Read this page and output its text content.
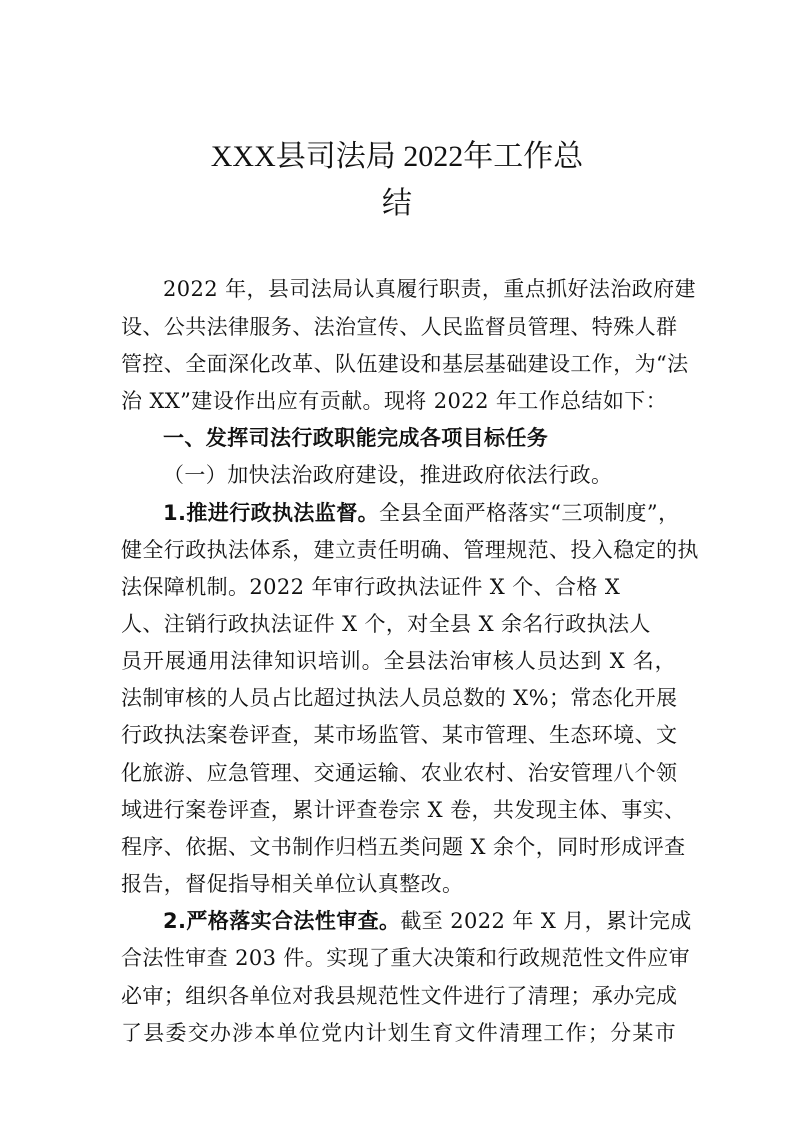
XXX县司法局 2022年工作总
结
2022 年，县司法局认真履行职责，重点抓好法治政府建
设、公共法律服务、法治宣传、人民监督员管理、特殊人群
管控、全面深化改革、队伍建设和基层基础建设工作，为“法
治 XX”建设作出应有贡献。现将 2022 年工作总结如下：
一、发挥司法行政职能完成各项目标任务
（一）加快法治政府建设，推进政府依法行政。
1.推进行政执法监督。全县全面严格落实“三项制度”，
健全行政执法体系，建立责任明确、管理规范、投入稳定的执
法保障机制。2022 年审行政执法证件 X 个、合格 X
人、注销行政执法证件 X 个，对全县 X 余名行政执法人
员开展通用法律知识培训。全县法治审核人员达到 X 名，
法制审核的人员占比超过执法人员总数的 X%；常态化开展
行政执法案卷评查，某市场监管、某市管理、生态环境、文
化旅游、应急管理、交通运输、农业农村、治安管理八个领
域进行案卷评查，累计评查卷宗 X 卷，共发现主体、事实、
程序、依据、文书制作归档五类问题 X 余个，同时形成评查
报告，督促指导相关单位认真整改。
2.严格落实合法性审查。截至 2022 年 X 月，累计完成
合法性审查 203 件。实现了重大决策和行政规范性文件应审
必审；组织各单位对我县规范性文件进行了清理；承办完成
了县委交办涉本单位党内计划生育文件清理工作；分某市
